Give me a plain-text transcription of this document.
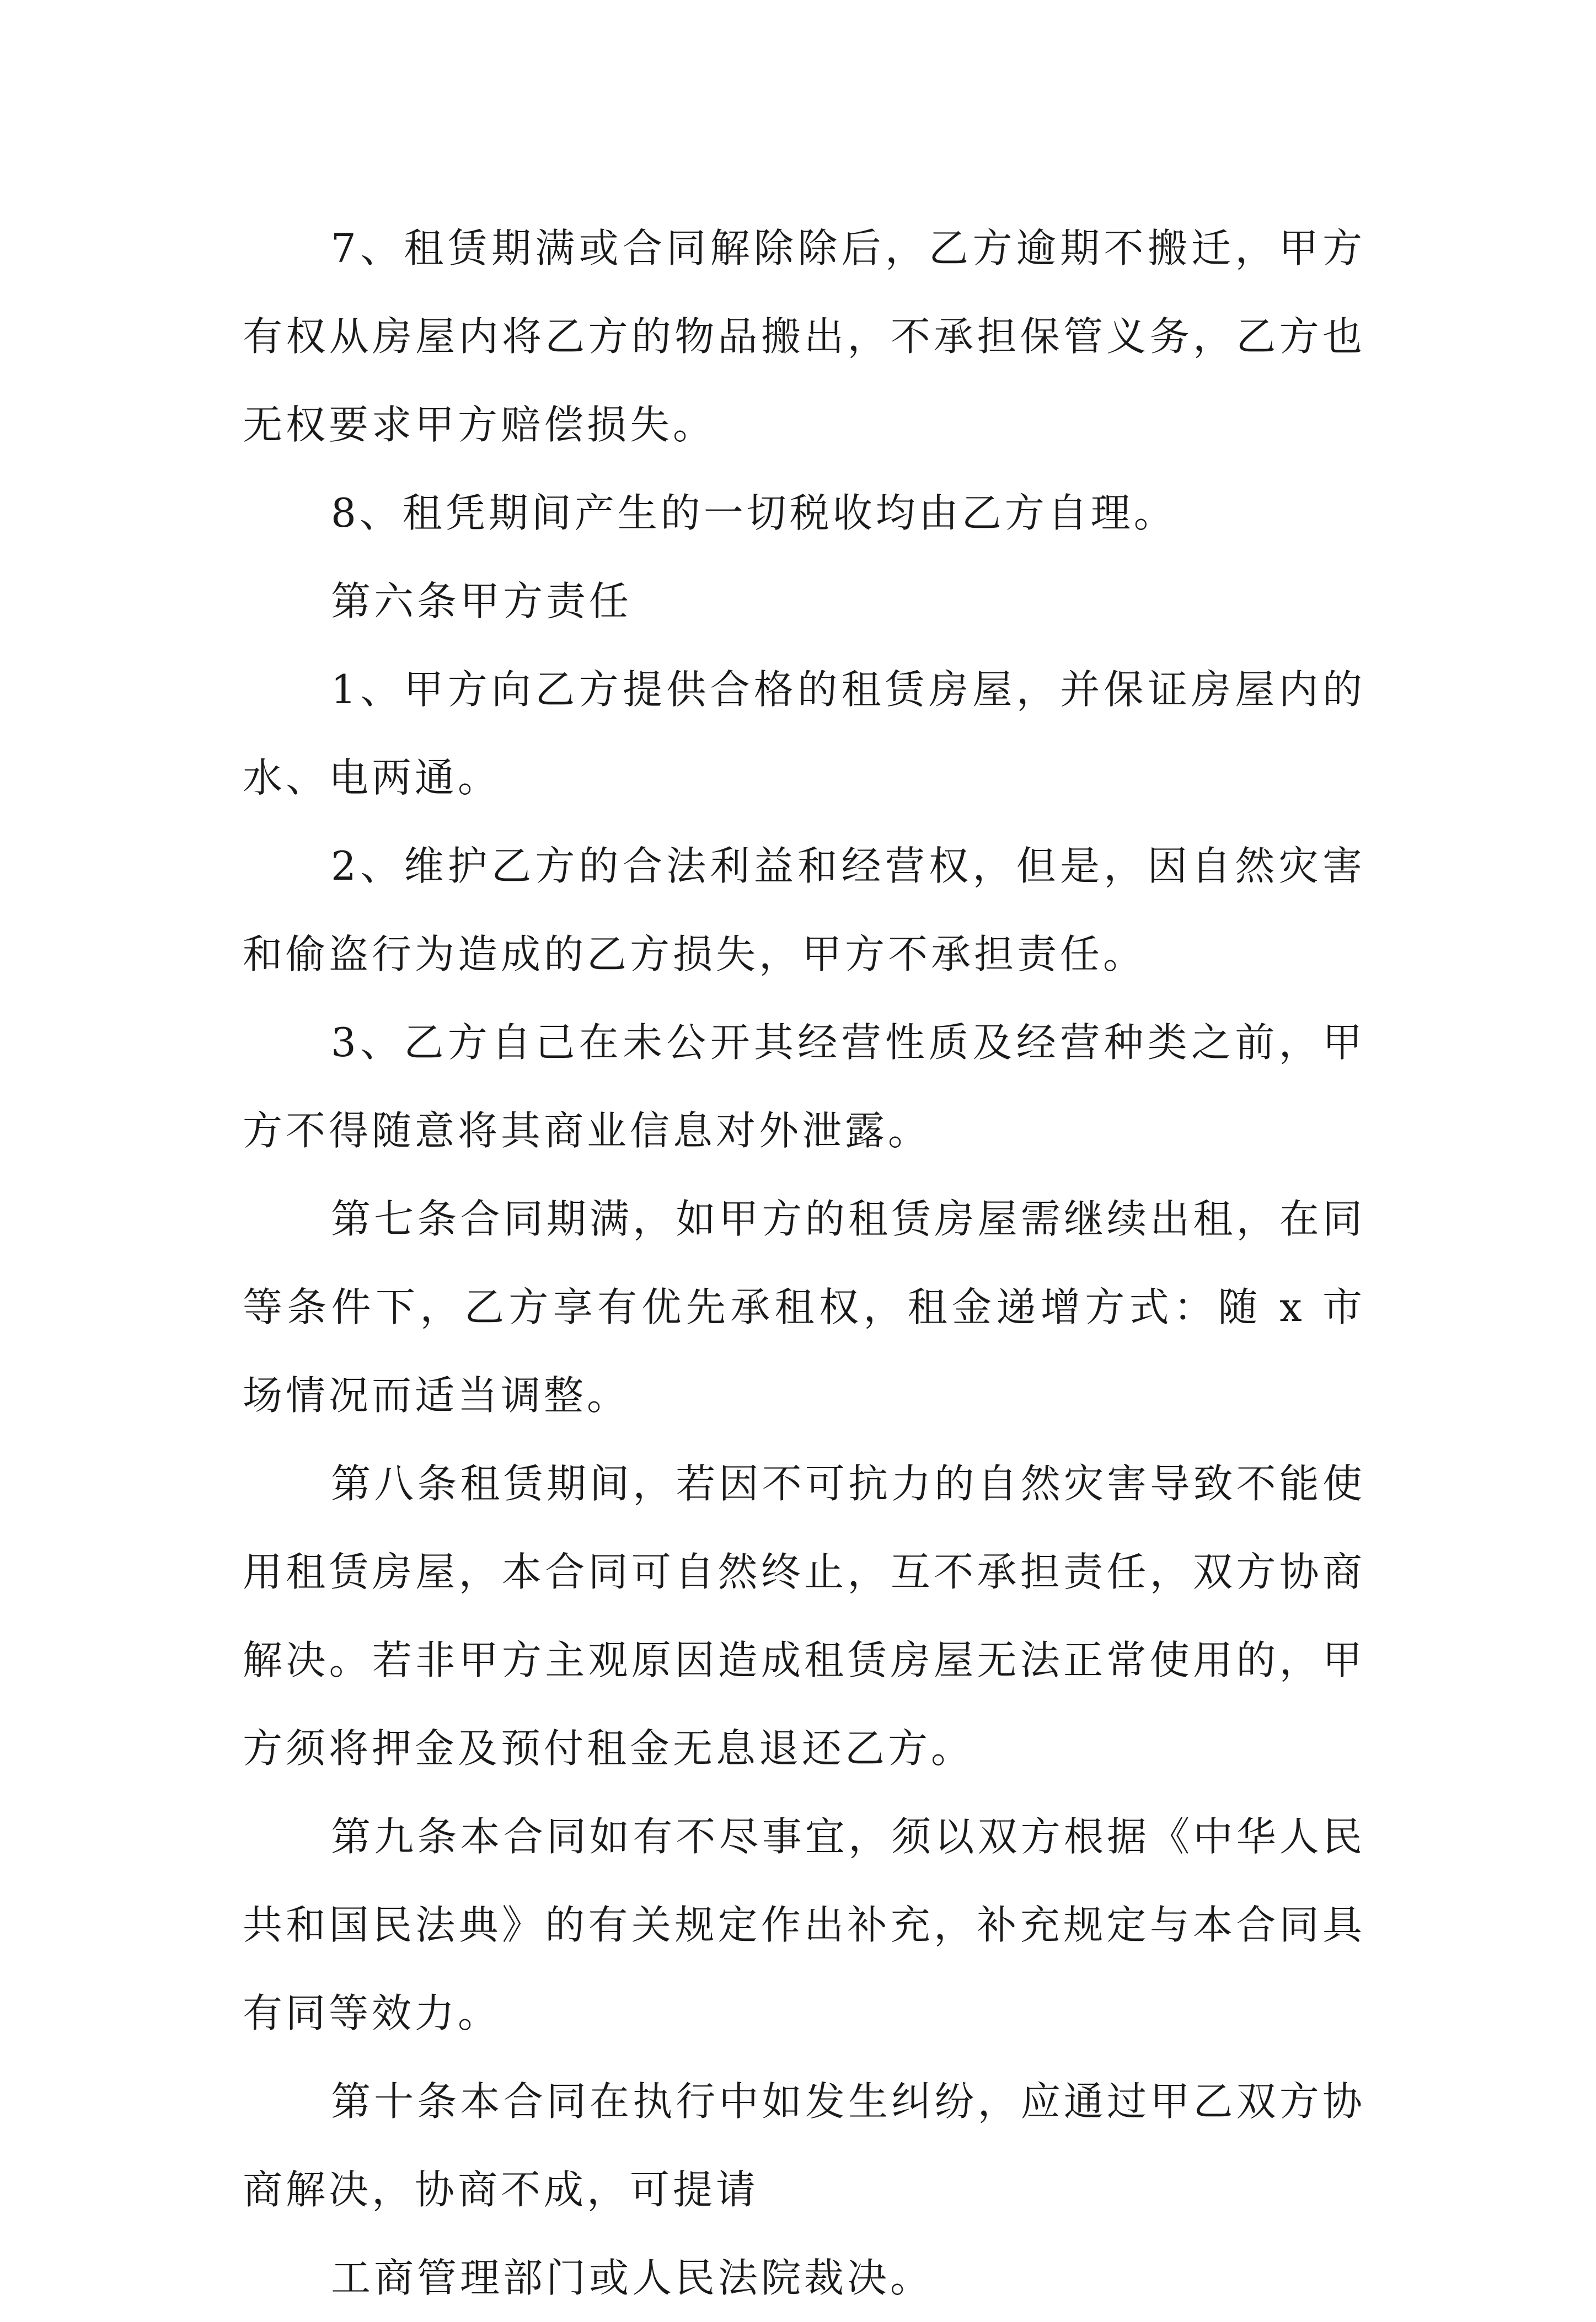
7、租赁期满或合同解除除后，乙方逾期不搬迁，甲方有权从房屋内将乙方的物品搬出，不承担保管义务，乙方也无权要求甲方赔偿损失。

8、租凭期间产生的一切税收均由乙方自理。

第六条甲方责任

1、甲方向乙方提供合格的租赁房屋，并保证房屋内的水、电两通。

2、维护乙方的合法利益和经营权，但是，因自然灾害和偷盗行为造成的乙方损失，甲方不承担责任。

3、乙方自己在未公开其经营性质及经营种类之前，甲方不得随意将其商业信息对外泄露。

第七条合同期满，如甲方的租赁房屋需继续出租，在同等条件下，乙方享有优先承租权，租金递增方式：随 x 市场情况而适当调整。

第八条租赁期间，若因不可抗力的自然灾害导致不能使用租赁房屋，本合同可自然终止，互不承担责任，双方协商解决。若非甲方主观原因造成租赁房屋无法正常使用的，甲方须将押金及预付租金无息退还乙方。

第九条本合同如有不尽事宜，须以双方根据《中华人民共和国民法典》的有关规定作出补充，补充规定与本合同具有同等效力。

第十条本合同在执行中如发生纠纷，应通过甲乙双方协商解决，协商不成，可提请

工商管理部门或人民法院裁决。
